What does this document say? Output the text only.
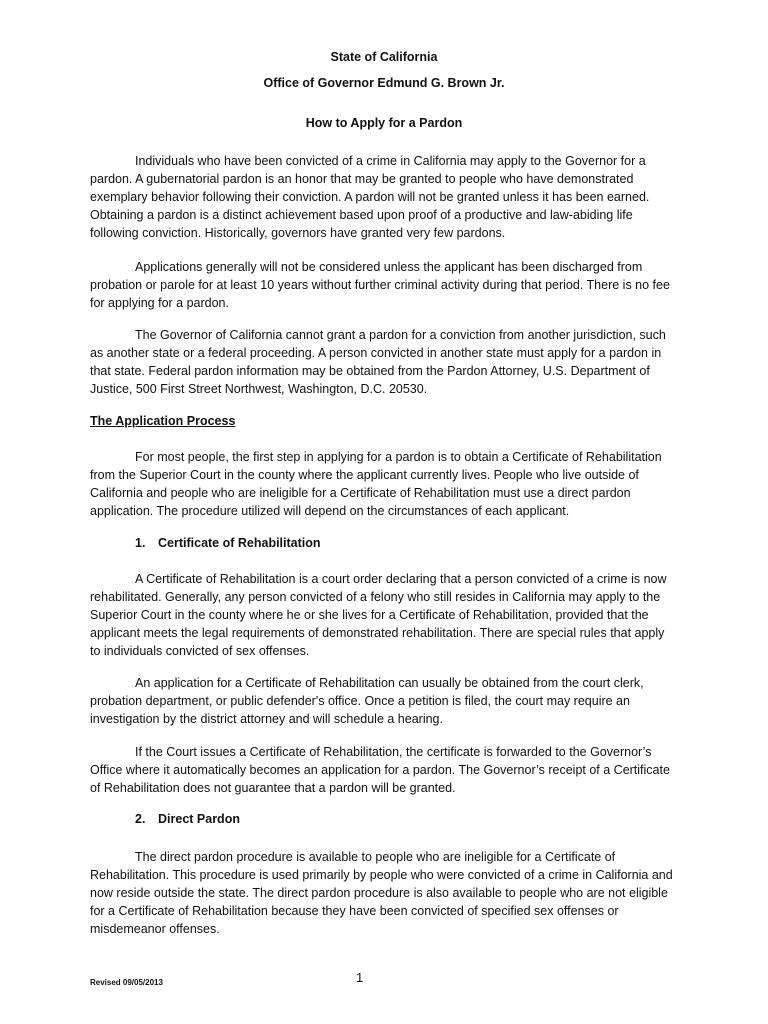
State of California
Office of Governor Edmund G. Brown Jr.
How to Apply for a Pardon

Individuals who have been convicted of a crime in California may apply to the Governor for a pardon. A gubernatorial pardon is an honor that may be granted to people who have demonstrated exemplary behavior following their conviction. A pardon will not be granted unless it has been earned. Obtaining a pardon is a distinct achievement based upon proof of a productive and law-abiding life following conviction. Historically, governors have granted very few pardons.

Applications generally will not be considered unless the applicant has been discharged from probation or parole for at least 10 years without further criminal activity during that period. There is no fee for applying for a pardon.

The Governor of California cannot grant a pardon for a conviction from another jurisdiction, such as another state or a federal proceeding. A person convicted in another state must apply for a pardon in that state. Federal pardon information may be obtained from the Pardon Attorney, U.S. Department of Justice, 500 First Street Northwest, Washington, D.C. 20530.

The Application Process

For most people, the first step in applying for a pardon is to obtain a Certificate of Rehabilitation from the Superior Court in the county where the applicant currently lives. People who live outside of California and people who are ineligible for a Certificate of Rehabilitation must use a direct pardon application. The procedure utilized will depend on the circumstances of each applicant.

1. Certificate of Rehabilitation

A Certificate of Rehabilitation is a court order declaring that a person convicted of a crime is now rehabilitated. Generally, any person convicted of a felony who still resides in California may apply to the Superior Court in the county where he or she lives for a Certificate of Rehabilitation, provided that the applicant meets the legal requirements of demonstrated rehabilitation. There are special rules that apply to individuals convicted of sex offenses.

An application for a Certificate of Rehabilitation can usually be obtained from the court clerk, probation department, or public defender's office. Once a petition is filed, the court may require an investigation by the district attorney and will schedule a hearing.

If the Court issues a Certificate of Rehabilitation, the certificate is forwarded to the Governor’s Office where it automatically becomes an application for a pardon. The Governor’s receipt of a Certificate of Rehabilitation does not guarantee that a pardon will be granted.

2. Direct Pardon

The direct pardon procedure is available to people who are ineligible for a Certificate of Rehabilitation. This procedure is used primarily by people who were convicted of a crime in California and now reside outside the state. The direct pardon procedure is also available to people who are not eligible for a Certificate of Rehabilitation because they have been convicted of specified sex offenses or misdemeanor offenses.

Revised 09/05/2013	1
